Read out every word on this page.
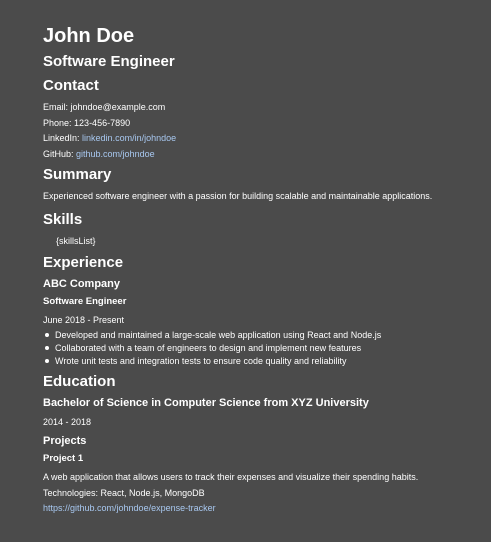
John Doe
Software Engineer
Contact

Email: johndoe@example.com

Phone: 123-456-7890

LinkedIn: linkedin.com/in/johndoe

GitHub: github.com/johndoe

Summary

Experienced software engineer with a passion for building scalable and maintainable applications.

Skills

{skillsList}

Experience

ABC Company

Software Engineer

June 2018 - Present

Developed and maintained a large-scale web application using React and Node.js
Collaborated with a team of engineers to design and implement new features
Wrote unit tests and integration tests to ensure code quality and reliability
Education

Bachelor of Science in Computer Science from XYZ University

2014 - 2018

Projects

Project 1

A web application that allows users to track their expenses and visualize their spending habits.

Technologies: React, Node.js, MongoDB

https://github.com/johndoe/expense-tracker
